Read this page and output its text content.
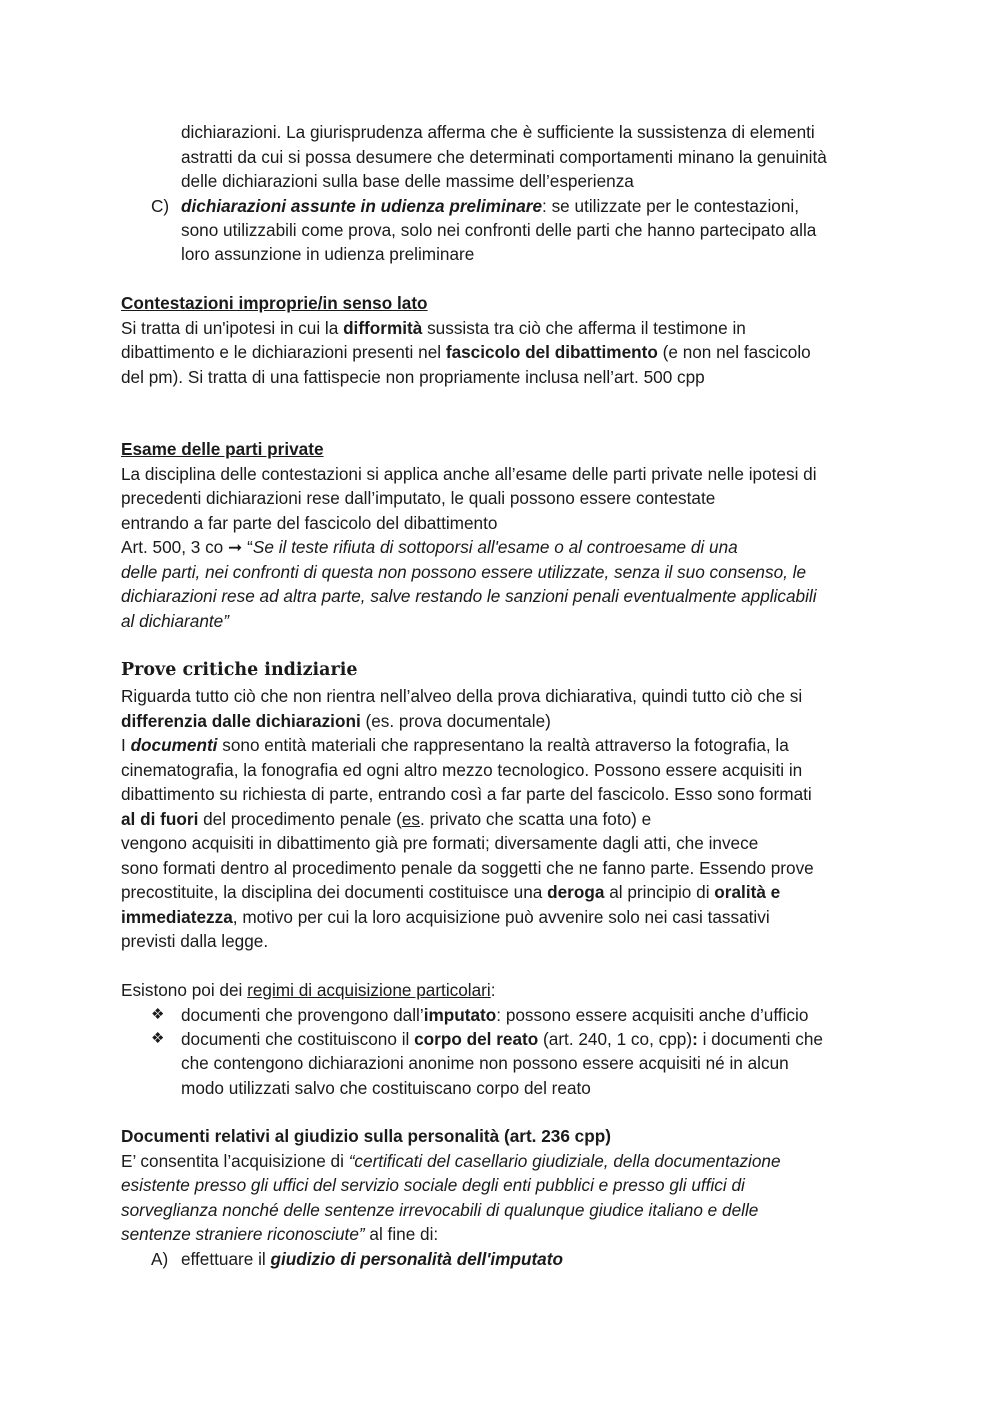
dichiarazioni. La giurisprudenza afferma che è sufficiente la sussistenza di elementi
astratti da cui si possa desumere che determinati comportamenti minano la genuinità
delle dichiarazioni sulla base delle massime dell’esperienza
C) dichiarazioni assunte in udienza preliminare: se utilizzate per le contestazioni,
sono utilizzabili come prova, solo nei confronti delle parti che hanno partecipato alla
loro assunzione in udienza preliminare
Contestazioni improprie/in senso lato
Si tratta di un'ipotesi in cui la difformità sussista tra ciò che afferma il testimone in
dibattimento e le dichiarazioni presenti nel fascicolo del dibattimento (e non nel fascicolo
del pm). Si tratta di una fattispecie non propriamente inclusa nell’art. 500 cpp
Esame delle parti private
La disciplina delle contestazioni si applica anche all’esame delle parti private nelle ipotesi di
precedenti dichiarazioni rese dall’imputato, le quali possono essere contestate
entrando a far parte del fascicolo del dibattimento
Art. 500, 3 co ➞ “Se il teste rifiuta di sottoporsi all'esame o al controesame di una
delle parti, nei confronti di questa non possono essere utilizzate, senza il suo consenso, le
dichiarazioni rese ad altra parte, salve restando le sanzioni penali eventualmente applicabili
al dichiarante”
Prove critiche indiziarie
Riguarda tutto ciò che non rientra nell’alveo della prova dichiarativa, quindi tutto ciò che si
differenzia dalle dichiarazioni (es. prova documentale)
I documenti sono entità materiali che rappresentano la realtà attraverso la fotografia, la
cinematografia, la fonografia ed ogni altro mezzo tecnologico. Possono essere acquisiti in
dibattimento su richiesta di parte, entrando così a far parte del fascicolo. Esso sono formati
al di fuori del procedimento penale (es. privato che scatta una foto) e
vengono acquisiti in dibattimento già pre formati; diversamente dagli atti, che invece
sono formati dentro al procedimento penale da soggetti che ne fanno parte. Essendo prove
precostituite, la disciplina dei documenti costituisce una deroga al principio di oralità e
immediatezza, motivo per cui la loro acquisizione può avvenire solo nei casi tassativi
previsti dalla legge.
Esistono poi dei regimi di acquisizione particolari:
❖ documenti che provengono dall’imputato: possono essere acquisiti anche d’ufficio
❖ documenti che costituiscono il corpo del reato (art. 240, 1 co, cpp): i documenti che
che contengono dichiarazioni anonime non possono essere acquisiti né in alcun
modo utilizzati salvo che costituiscano corpo del reato
Documenti relativi al giudizio sulla personalità (art. 236 cpp)
E’ consentita l’acquisizione di “certificati del casellario giudiziale, della documentazione
esistente presso gli uffici del servizio sociale degli enti pubblici e presso gli uffici di
sorveglianza nonché delle sentenze irrevocabili di qualunque giudice italiano e delle
sentenze straniere riconosciute” al fine di:
A) effettuare il giudizio di personalità dell'imputato
